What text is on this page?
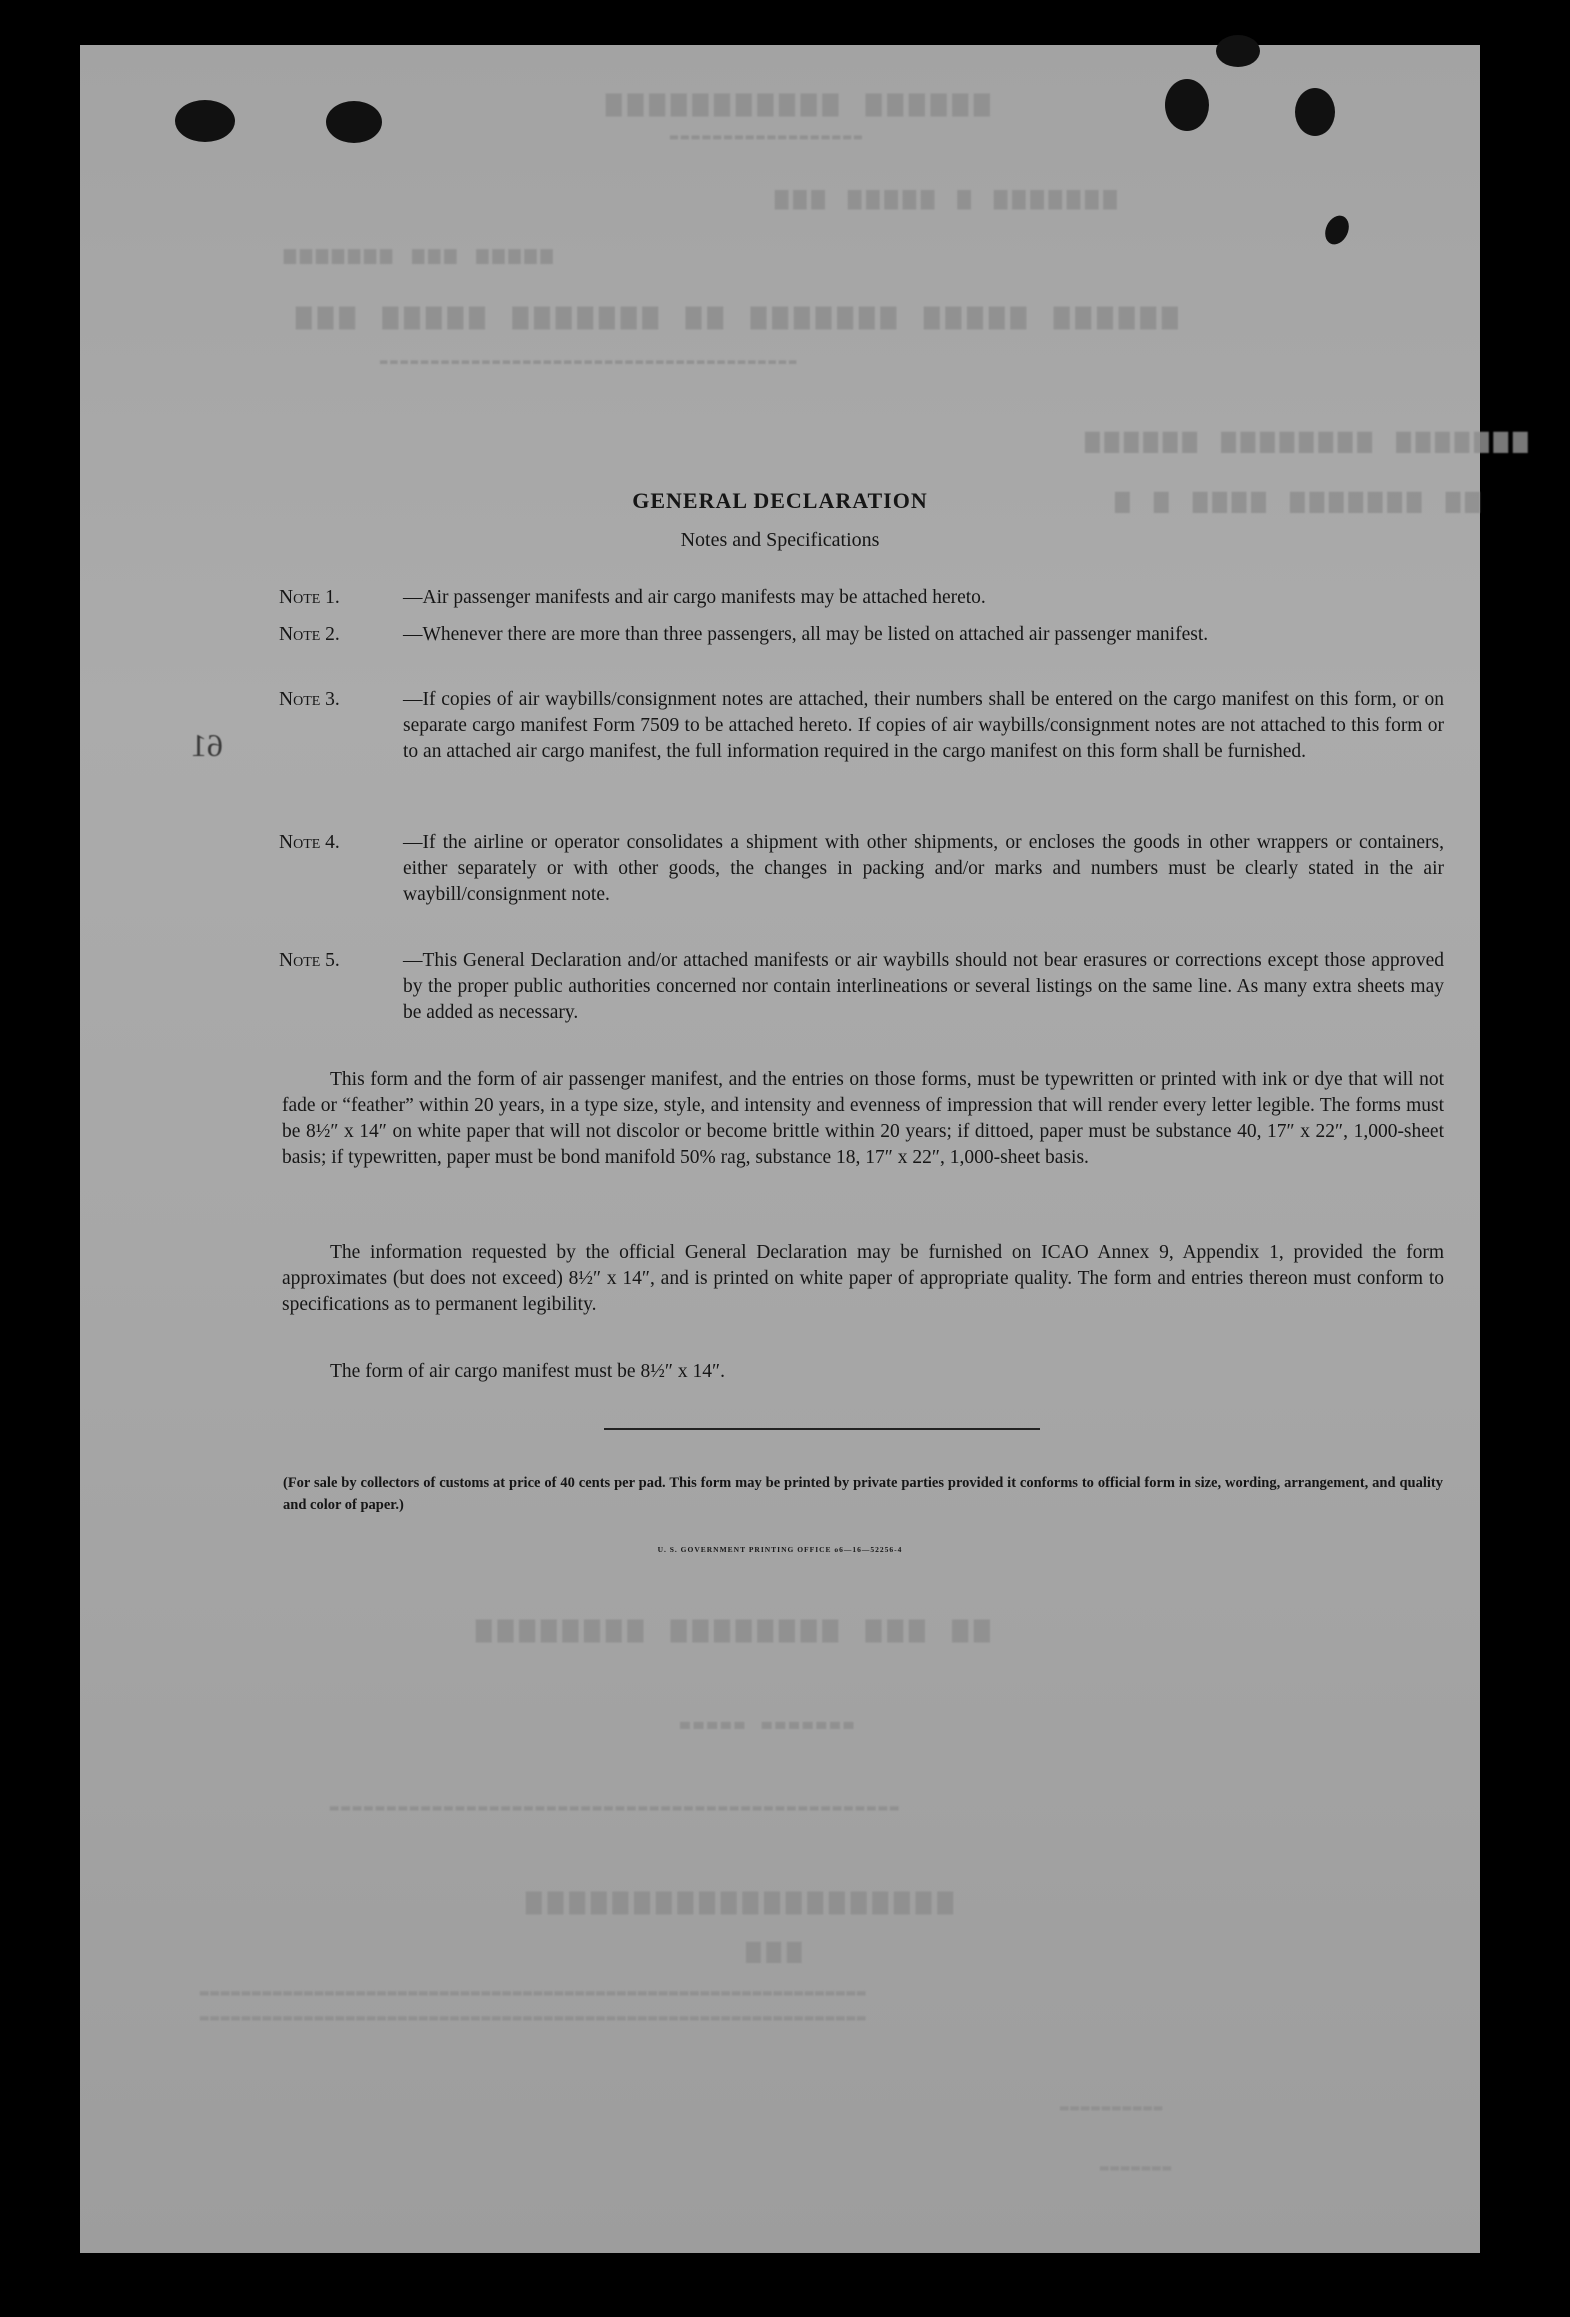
▆▆▆▆▆▆ ▆▆▆▆▆▆▆▆▆▆▆
▂▂▂▂▂▂▂▂▂▂▂▂▂▂▂▂▂▂
▆▆▆▆▆▆▆ ▆ ▆▆▆▆▆ ▆▆▆
▅▅▅▅▅ ▅▅▅ ▅▅▅▅▅▅▅
▆▆▆▆▆▆ ▆▆▆▆▆ ▆▆▆▆▆▆▆ ▆▆ ▆▆▆▆▆▆▆ ▆▆▆▆▆ ▆▆▆
▂▂▂▂▂▂▂▂▂▂▂▂▂▂▂▂▂▂▂▂▂▂▂▂▂▂▂▂▂▂▂▂▂▂▂▂▂▂▂▂▂
▆▆▆▆▆▆▆ ▆▆▆▆▆▆▆▆ ▆▆▆▆▆▆
▆▆ ▆▆▆▆▆▆▆ ▆▆▆▆ ▆ ▆
▆▆ ▆▆▆ ▆▆▆▆▆▆▆▆ ▆▆▆▆▆▆▆▆
▃▃▃▃▃ ▃▃▃▃▃▃▃
▂▂▂▂▂▂▂▂▂▂▂▂▂▂▂▂▂▂▂▂▂▂▂▂▂▂▂▂▂▂▂▂▂▂▂▂▂▂▂▂▂▂▂▂▂▂▂▂▂▂
▆▆▆▆▆▆▆▆▆▆▆▆▆▆▆▆▆▆▆▆
▆▆▆
▂▂▂▂▂▂▂▂▂▂▂▂▂▂▂▂▂▂▂▂▂▂▂▂▂▂▂▂▂▂▂▂▂▂▂▂▂▂▂▂▂▂▂▂▂▂▂▂▂▂▂▂▂▂▂▂▂▂▂▂▂▂▂▂
▂▂▂▂▂▂▂▂▂▂▂▂▂▂▂▂▂▂▂▂▂▂▂▂▂▂▂▂▂▂▂▂▂▂▂▂▂▂▂▂▂▂▂▂▂▂▂▂▂▂▂▂▂▂▂▂▂▂▂▂▂▂▂▂
▂▂▂▂▂▂▂▂▂▂
▂▂▂▂▂▂▂
61
GENERAL DECLARATION
Notes and Specifications
Note 1.	—Air passenger manifests and air cargo manifests may be attached hereto.
Note 2.	—Whenever there are more than three passengers, all may be listed on attached air passenger manifest.
Note 3.	—If copies of air waybills/consignment notes are attached, their numbers shall be entered on the cargo manifest on this form, or on separate cargo manifest Form 7509 to be attached hereto. If copies of air waybills/consignment notes are not attached to this form or to an attached air cargo manifest, the full information required in the cargo manifest on this form shall be furnished.
Note 4.	—If the airline or operator consolidates a shipment with other shipments, or encloses the goods in other wrappers or containers, either separately or with other goods, the changes in packing and/or marks and numbers must be clearly stated in the air waybill/consignment note.
Note 5.	—This General Declaration and/or attached manifests or air waybills should not bear erasures or corrections except those approved by the proper public authorities concerned nor contain interlineations or several listings on the same line. As many extra sheets may be added as necessary.
This form and the form of air passenger manifest, and the entries on those forms, must be typewritten or printed with ink or dye that will not fade or “feather” within 20 years, in a type size, style, and intensity and evenness of impression that will render every letter legible. The forms must be 8½″ x 14″ on white paper that will not discolor or become brittle within 20 years; if dittoed, paper must be substance 40, 17″ x 22″, 1,000-sheet basis; if typewritten, paper must be bond manifold 50% rag, substance 18, 17″ x 22″, 1,000-sheet basis.
The information requested by the official General Declaration may be furnished on ICAO Annex 9, Appendix 1, provided the form approximates (but does not exceed) 8½″ x 14″, and is printed on white paper of appropriate quality. The form and entries thereon must conform to specifications as to permanent legibility.
The form of air cargo manifest must be 8½″ x 14″.
(For sale by collectors of customs at price of 40 cents per pad. This form may be printed by private parties provided it conforms to official form in size, wording, arrangement, and quality and color of paper.)
U. S. GOVERNMENT PRINTING OFFICE o6—16—52256-4
